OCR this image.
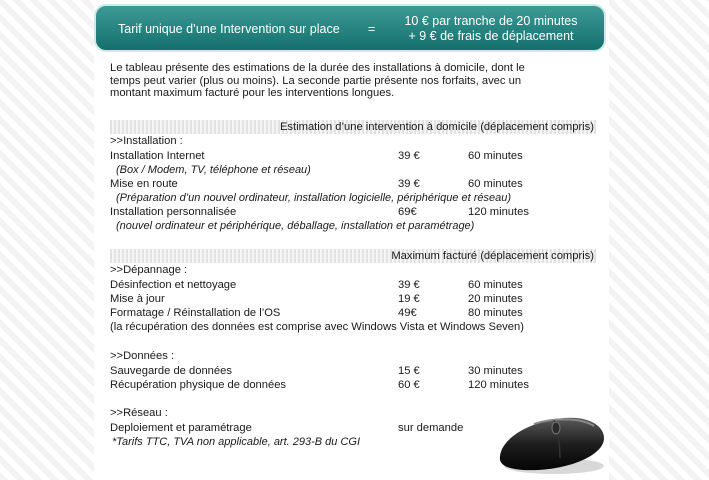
Tarif unique d’une Intervention sur place =
10 € par tranche de 20 minutes
+ 9 € de frais de déplacement
Le tableau présente des estimations de la durée des installations à domicile, dont le
temps peut varier (plus ou moins). La seconde partie présente nos forfaits, avec un
montant maximum facturé pour les interventions longues.
Estimation d’une intervention à domicile (déplacement compris)
>>Installation :
Installation Internet	39 €	60 minutes
(Box / Modem, TV, téléphone et réseau)
Mise en route	39 €	60 minutes
(Préparation d’un nouvel ordinateur, installation logicielle, périphérique et réseau)
Installation personnalisée	69€	120 minutes
(nouvel ordinateur et périphérique, déballage, installation et paramétrage)
Maximum facturé (déplacement compris)
>>Dépannage :
Désinfection et nettoyage	39 €	60 minutes
Mise à jour	19 €	20 minutes
Formatage / Réinstallation de l’OS	49€	80 minutes
(la récupération des données est comprise avec Windows Vista et Windows Seven)
>>Données :
Sauvegarde de données	15 €	30 minutes
Récupération physique de données	60 €	120 minutes
>>Réseau :
Deploiement et paramétrage	sur demande
*Tarifs TTC, TVA non applicable, art. 293-B du CGI
